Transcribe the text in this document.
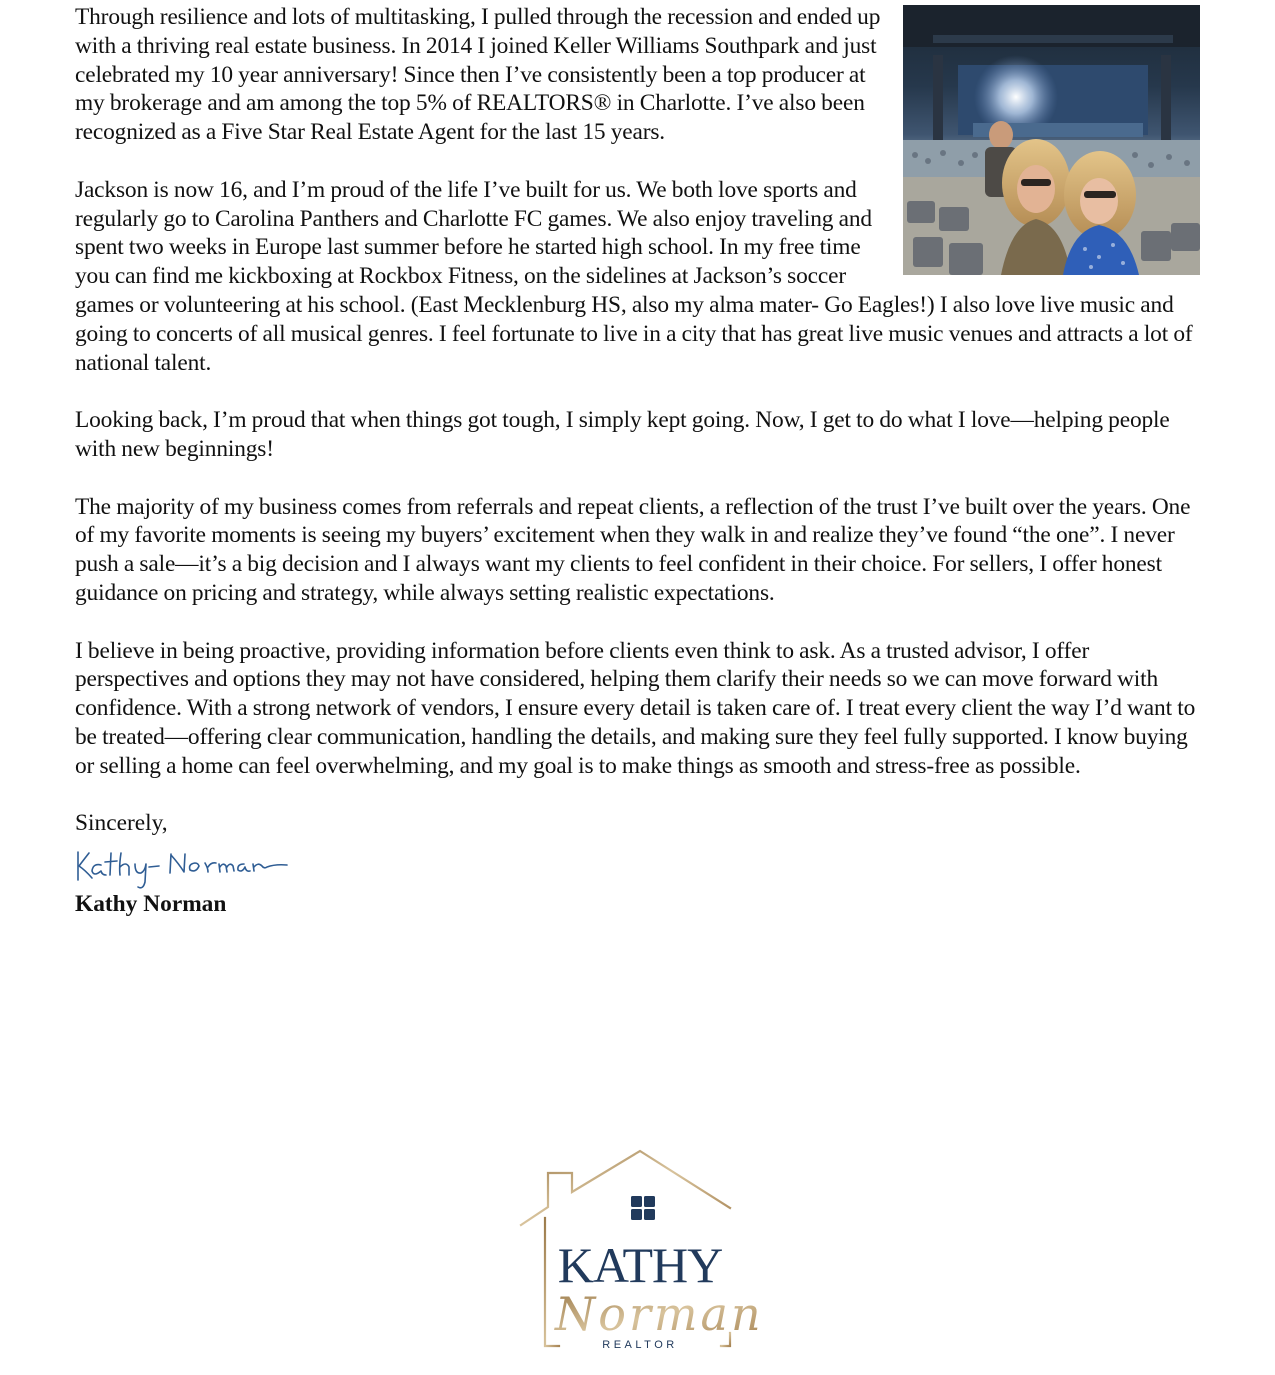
Through resilience and lots of multitasking, I pulled through the recession and ended up with a thriving real estate business. In 2014 I joined Keller Williams Southpark and just celebrated my 10 year anniversary! Since then I’ve consistently been a top producer at my brokerage and am among the top 5% of REALTORS® in Charlotte. I’ve also been recognized as a Five Star Real Estate Agent for the last 15 years.

Jackson is now 16, and I’m proud of the life I’ve built for us. We both love sports and regularly go to Carolina Panthers and Charlotte FC games. We also enjoy traveling and spent two weeks in Europe last summer before he started high school. In my free time you can find me kickboxing at Rockbox Fitness, on the sidelines at Jackson’s soccer games or volunteering at his school. (East Mecklenburg HS, also my alma mater- Go Eagles!) I also love live music and going to concerts of all musical genres. I feel fortunate to live in a city that has great live music venues and attracts a lot of national talent.

Looking back, I’m proud that when things got tough, I simply kept going. Now, I get to do what I love—helping people with new beginnings!

The majority of my business comes from referrals and repeat clients, a reflection of the trust I’ve built over the years. One of my favorite moments is seeing my buyers’ excitement when they walk in and realize they’ve found “the one”. I never push a sale—it’s a big decision and I always want my clients to feel confident in their choice. For sellers, I offer honest guidance on pricing and strategy, while always setting realistic expectations.

I believe in being proactive, providing information before clients even think to ask. As a trusted advisor, I offer perspectives and options they may not have considered, helping them clarify their needs so we can move forward with confidence. With a strong network of vendors, I ensure every detail is taken care of. I treat every client the way I’d want to be treated—offering clear communication, handling the details, and making sure they feel fully supported. I know buying or selling a home can feel overwhelming, and my goal is to make things as smooth and stress-free as possible.

Sincerely,

Kathy Norman

KATHY
Norman
REALTOR
